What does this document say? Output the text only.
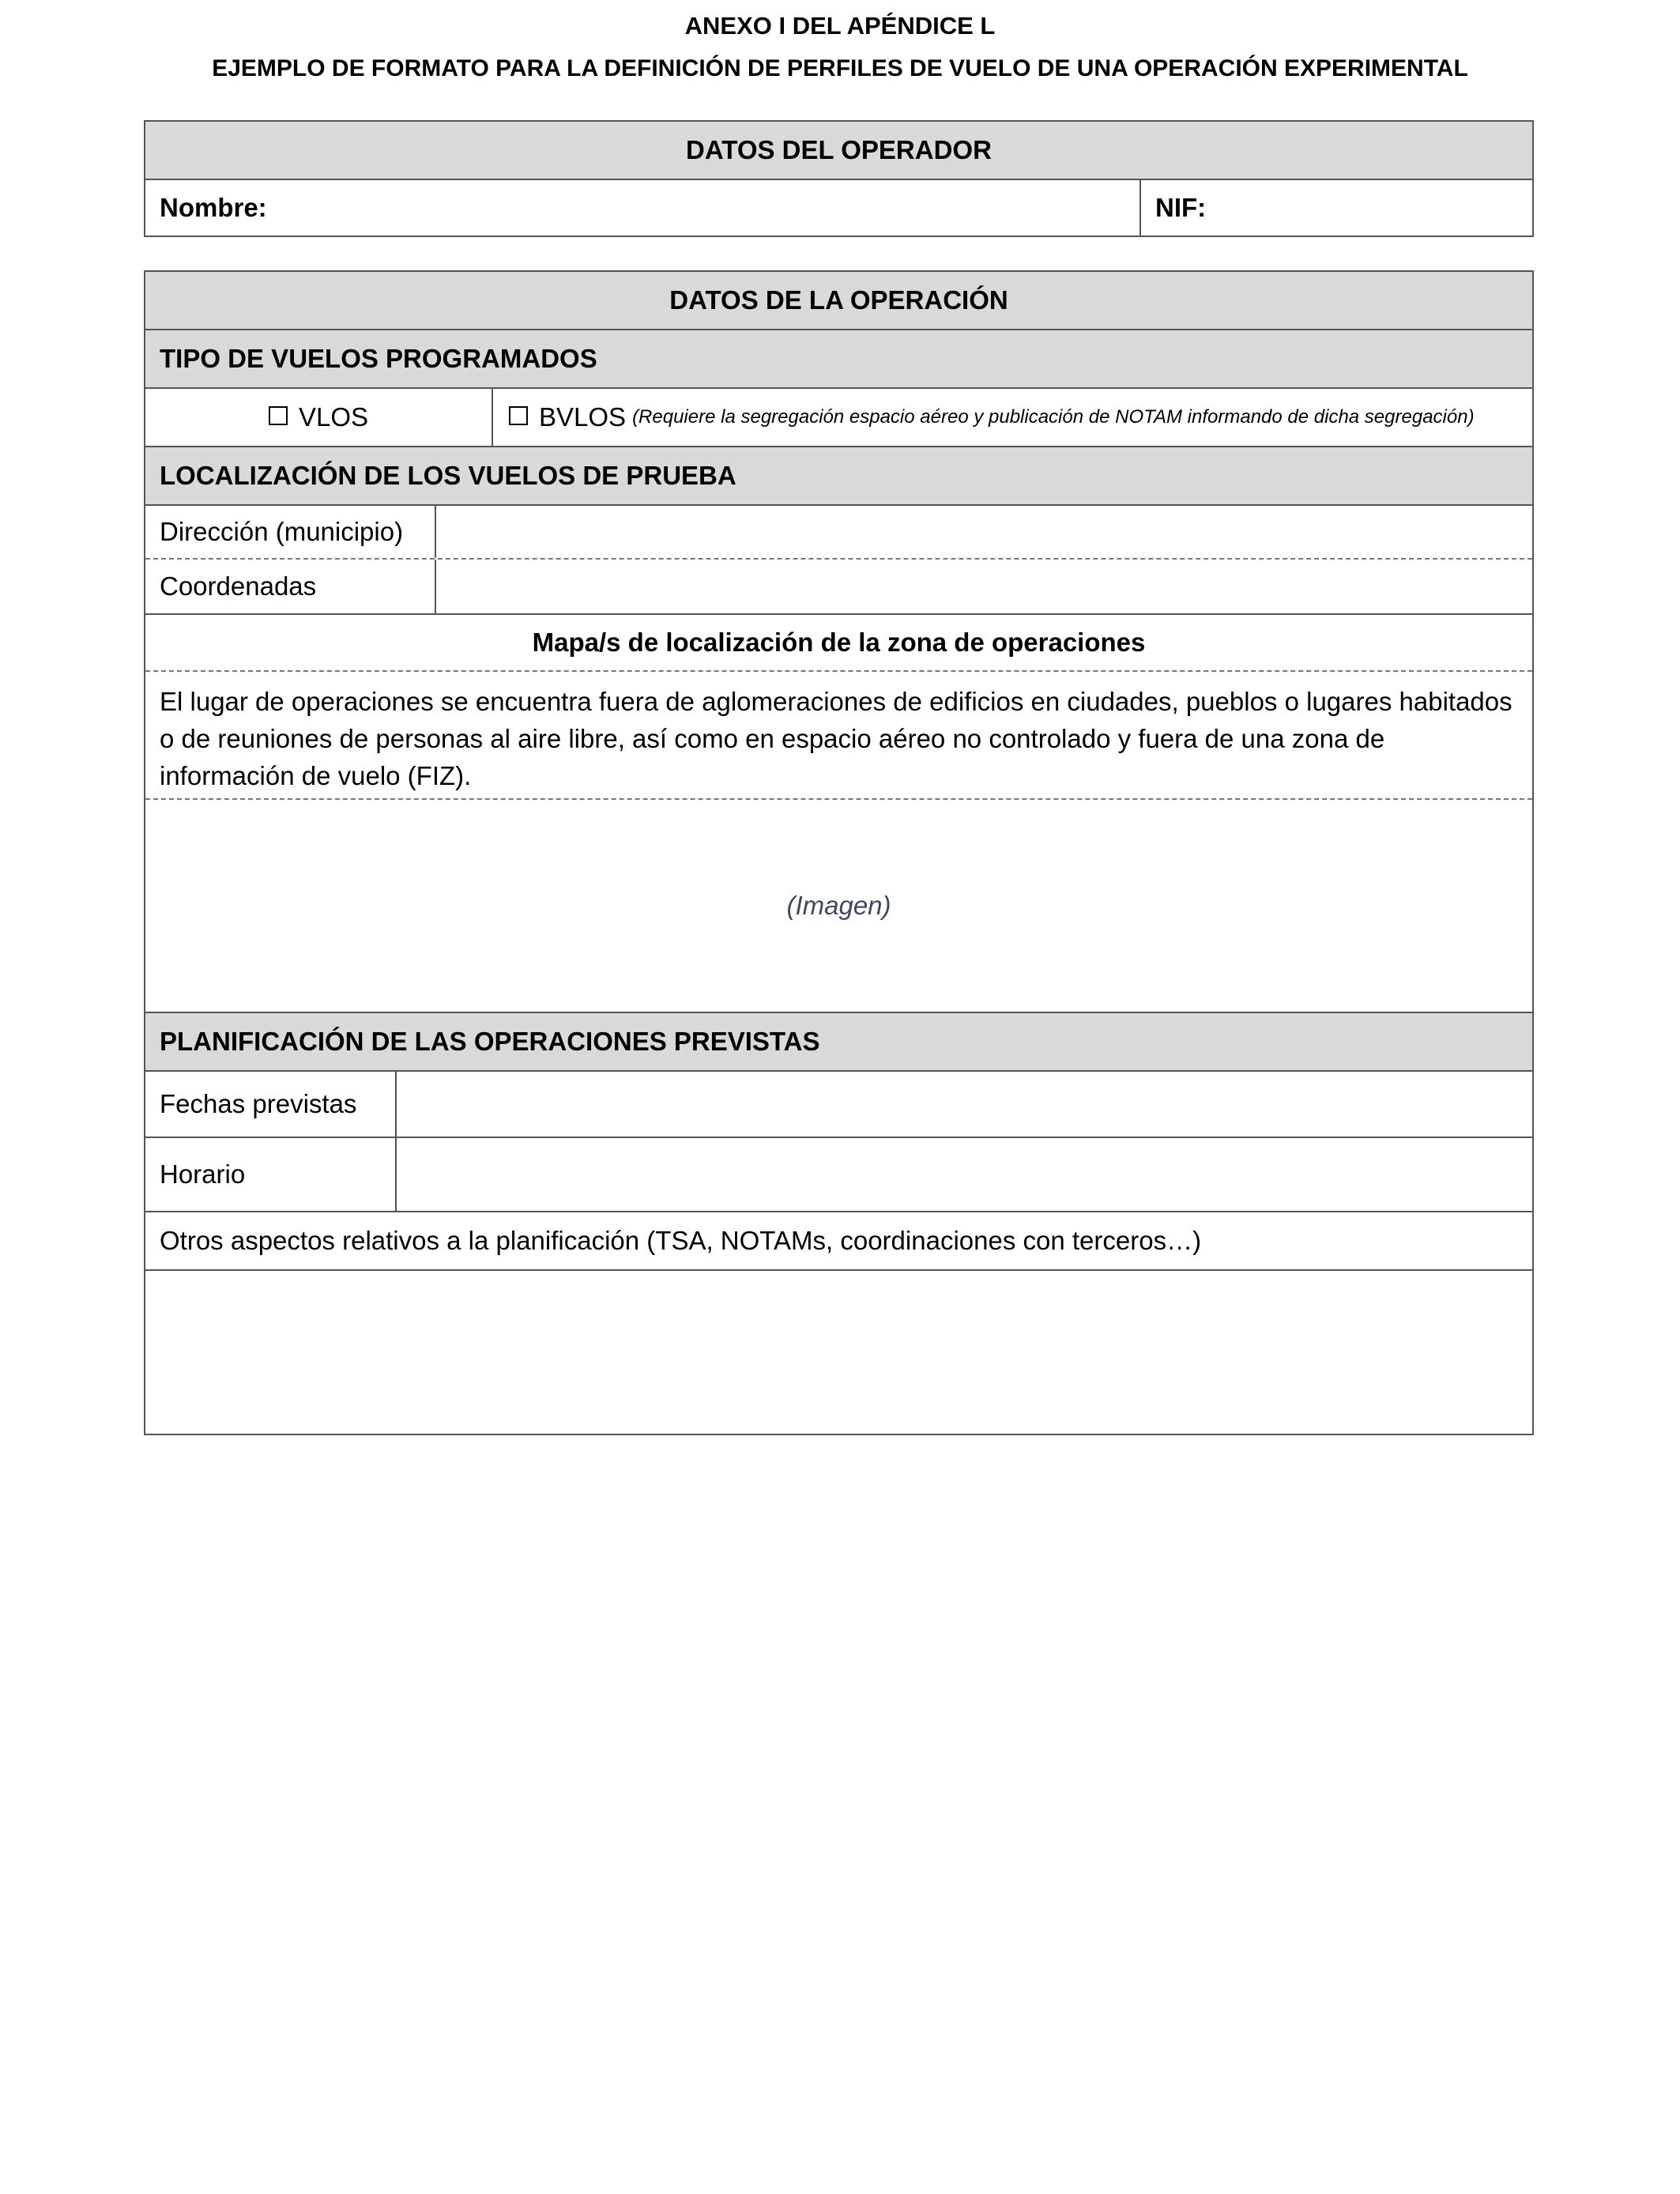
ANEXO I DEL APÉNDICE L
EJEMPLO DE FORMATO PARA LA DEFINICIÓN DE PERFILES DE VUELO DE UNA OPERACIÓN EXPERIMENTAL
DATOS DEL OPERADOR
Nombre:	NIF:
DATOS DE LA OPERACIÓN
TIPO DE VUELOS PROGRAMADOS
VLOS	BVLOS (Requiere la segregación espacio aéreo y publicación de NOTAM informando de dicha segregación)
LOCALIZACIÓN DE LOS VUELOS DE PRUEBA
Dirección (municipio)
Coordenadas
Mapa/s de localización de la zona de operaciones
El lugar de operaciones se encuentra fuera de aglomeraciones de edificios en ciudades, pueblos o lugares habitados o de reuniones de personas al aire libre, así como en espacio aéreo no controlado y fuera de una zona de información de vuelo (FIZ).
(Imagen)
PLANIFICACIÓN DE LAS OPERACIONES PREVISTAS
Fechas previstas
Horario
Otros aspectos relativos a la planificación (TSA, NOTAMs, coordinaciones con terceros…)
